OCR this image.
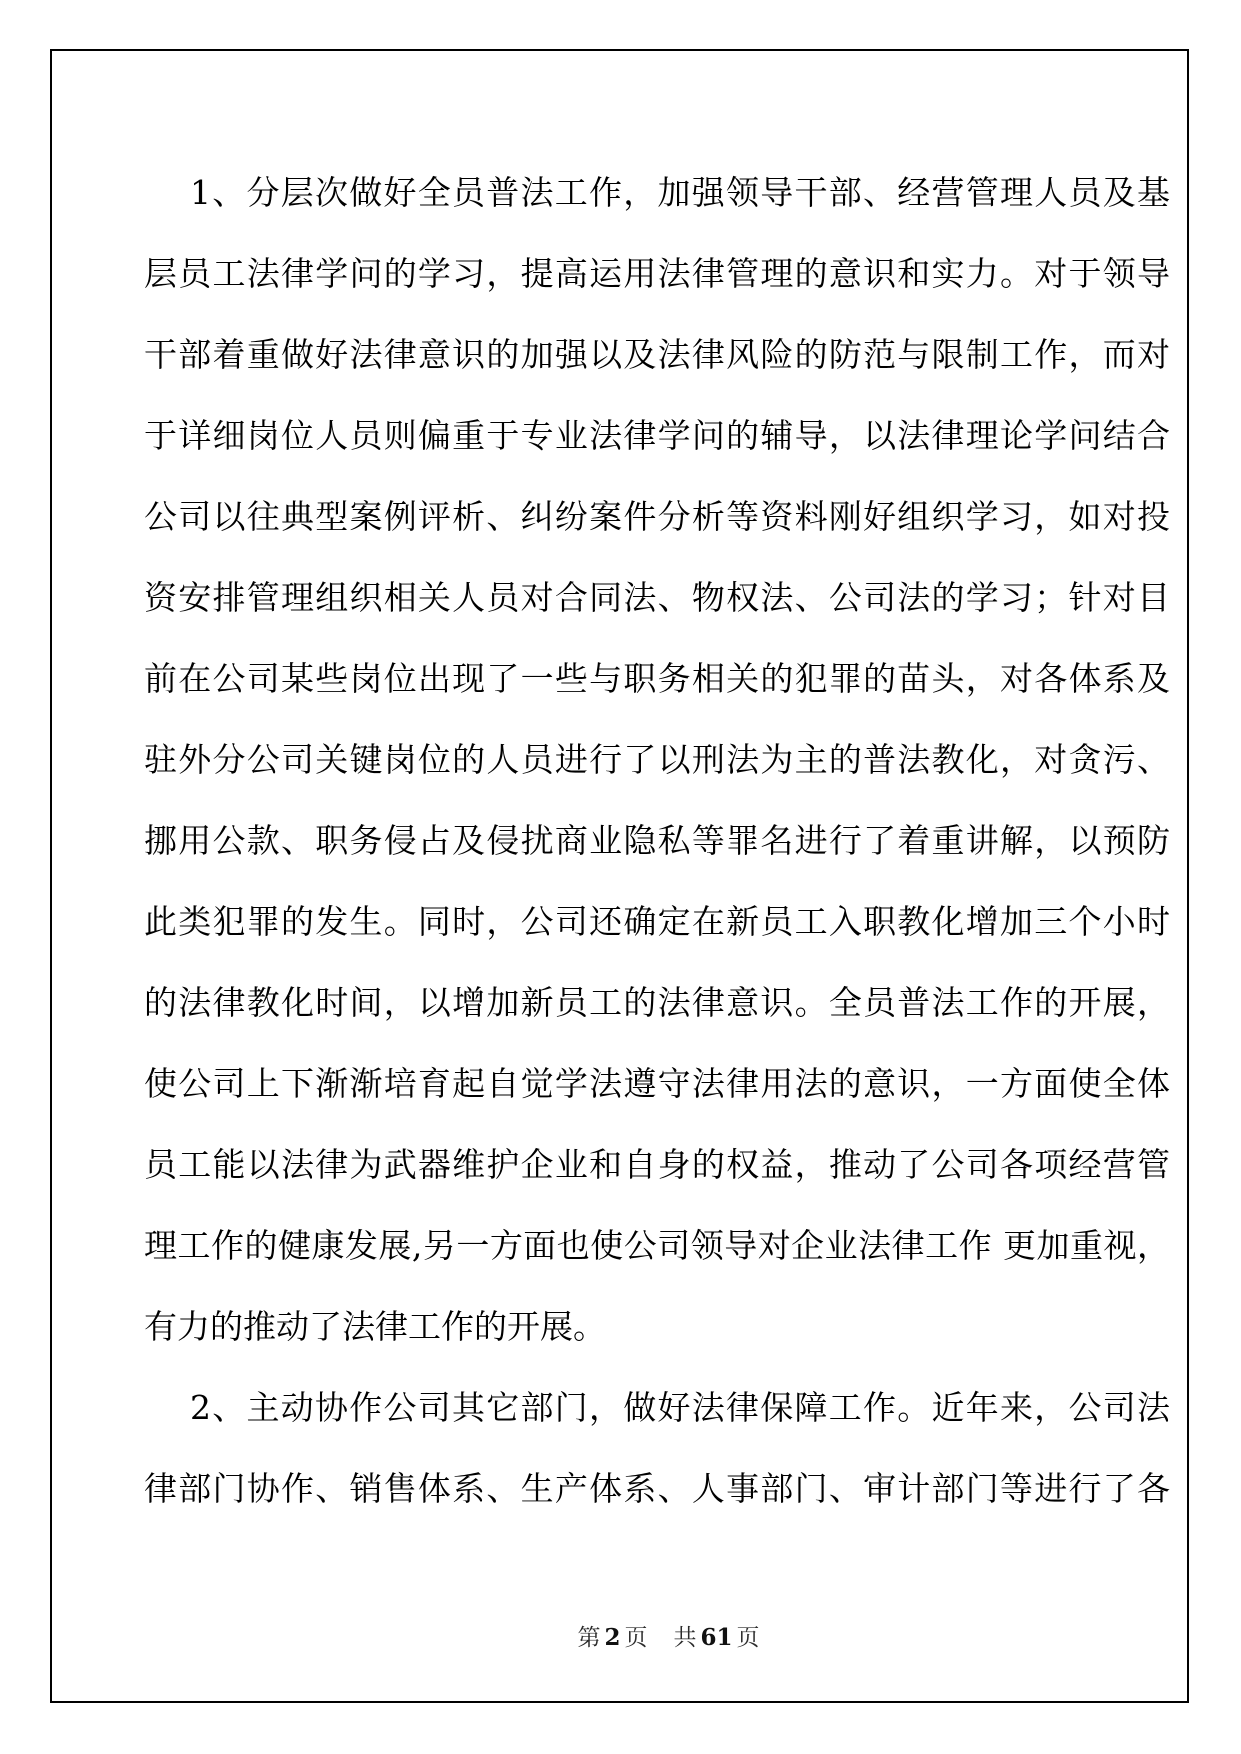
1、分层次做好全员普法工作，加强领导干部、经营管理人员及基

层员工法律学问的学习，提高运用法律管理的意识和实力。对于领导

干部着重做好法律意识的加强以及法律风险的防范与限制工作，而对

于详细岗位人员则偏重于专业法律学问的辅导，以法律理论学问结合

公司以往典型案例评析、纠纷案件分析等资料刚好组织学习，如对投

资安排管理组织相关人员对合同法、物权法、公司法的学习；针对目

前在公司某些岗位出现了一些与职务相关的犯罪的苗头，对各体系及

驻外分公司关键岗位的人员进行了以刑法为主的普法教化，对贪污、

挪用公款、职务侵占及侵扰商业隐私等罪名进行了着重讲解，以预防

此类犯罪的发生。同时，公司还确定在新员工入职教化增加三个小时

的法律教化时间，以增加新员工的法律意识。全员普法工作的开展，

使公司上下渐渐培育起自觉学法遵守法律用法的意识，一方面使全体

员工能以法律为武器维护企业和自身的权益，推动了公司各项经营管

理工作的健康发展,另一方面也使公司领导对企业法律工作 更加重视，

有力的推动了法律工作的开展。

2、主动协作公司其它部门，做好法律保障工作。近年来，公司法

律部门协作、销售体系、生产体系、人事部门、审计部门等进行了各

第 2 页 共 61 页
